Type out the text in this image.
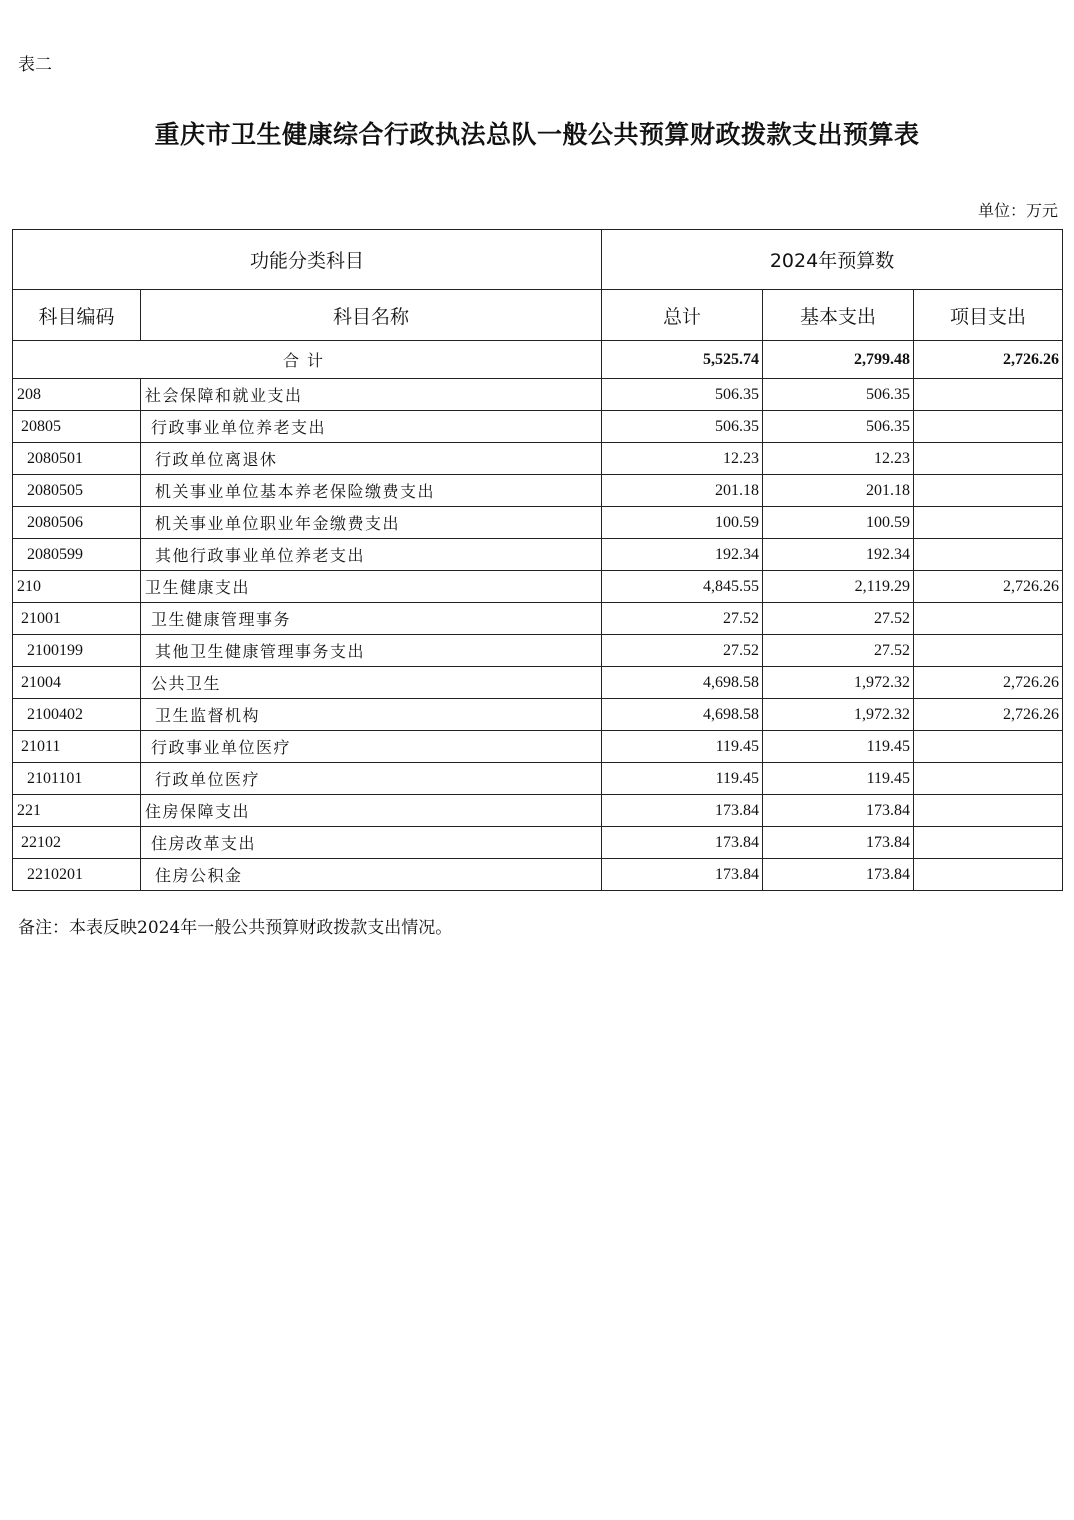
表二
重庆市卫生健康综合行政执法总队一般公共预算财政拨款支出预算表
单位：万元
功能分类科目		2024年预算数		
科目编码	科目名称	总计	基本支出	项目支出
合计		5,525.74	2,799.48	2,726.26
208	社会保障和就业支出	506.35	506.35	
20805	行政事业单位养老支出	506.35	506.35	
2080501	行政单位离退休	12.23	12.23	
2080505	机关事业单位基本养老保险缴费支出	201.18	201.18	
2080506	机关事业单位职业年金缴费支出	100.59	100.59	
2080599	其他行政事业单位养老支出	192.34	192.34	
210	卫生健康支出	4,845.55	2,119.29	2,726.26
21001	卫生健康管理事务	27.52	27.52	
2100199	其他卫生健康管理事务支出	27.52	27.52	
21004	公共卫生	4,698.58	1,972.32	2,726.26
2100402	卫生监督机构	4,698.58	1,972.32	2,726.26
21011	行政事业单位医疗	119.45	119.45	
2101101	行政单位医疗	119.45	119.45	
221	住房保障支出	173.84	173.84	
22102	住房改革支出	173.84	173.84	
2210201	住房公积金	173.84	173.84	
备注：本表反映2024年一般公共预算财政拨款支出情况。
